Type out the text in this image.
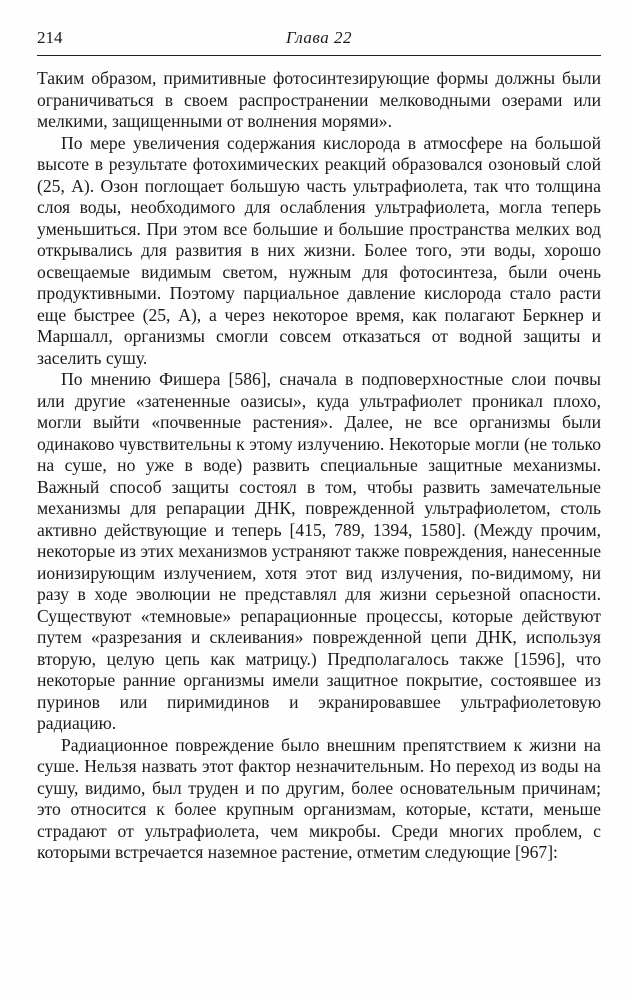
214	Глава 22

Таким образом, примитивные фотосинтезирующие формы должны были ограничиваться в своем распространении мелководными озерами или мелкими, защищенными от волнения морями».

По мере увеличения содержания кислорода в атмосфере на большой высоте в результате фотохимических реакций образовался озоновый слой (25, А). Озон поглощает большую часть ультрафиолета, так что толщина слоя воды, необходимого для ослабления ультрафиолета, могла теперь уменьшиться. При этом все большие и большие пространства мелких вод открывались для развития в них жизни. Более того, эти воды, хорошо освещаемые видимым светом, нужным для фотосинтеза, были очень продуктивными. Поэтому парциальное давление кислорода стало расти еще быстрее (25, А), а через некоторое время, как полагают Беркнер и Маршалл, организмы смогли совсем отказаться от водной защиты и заселить сушу.

По мнению Фишера [586], сначала в подповерхностные слои почвы или другие «затененные оазисы», куда ультрафиолет проникал плохо, могли выйти «почвенные растения». Далее, не все организмы были одинаково чувствительны к этому излучению. Некоторые могли (не только на суше, но уже в воде) развить специальные защитные механизмы. Важный способ защиты состоял в том, чтобы развить замечательные механизмы для репарации ДНК, поврежденной ультрафиолетом, столь активно действующие и теперь [415, 789, 1394, 1580]. (Между прочим, некоторые из этих механизмов устраняют также повреждения, нанесенные ионизирующим излучением, хотя этот вид излучения, по-видимому, ни разу в ходе эволюции не представлял для жизни серьезной опасности. Существуют «темновые» репарационные процессы, которые действуют путем «разрезания и склеивания» поврежденной цепи ДНК, используя вторую, целую цепь как матрицу.) Предполагалось также [1596], что некоторые ранние организмы имели защитное покрытие, состоявшее из пуринов или пиримидинов и экранировавшее ультрафиолетовую радиацию.

Радиационное повреждение было внешним препятствием к жизни на суше. Нельзя назвать этот фактор незначительным. Но переход из воды на сушу, видимо, был труден и по другим, более основательным причинам; это относится к более крупным организмам, которые, кстати, меньше страдают от ультрафиолета, чем микробы. Среди многих проблем, с которыми встречается наземное растение, отметим следующие [967]:
